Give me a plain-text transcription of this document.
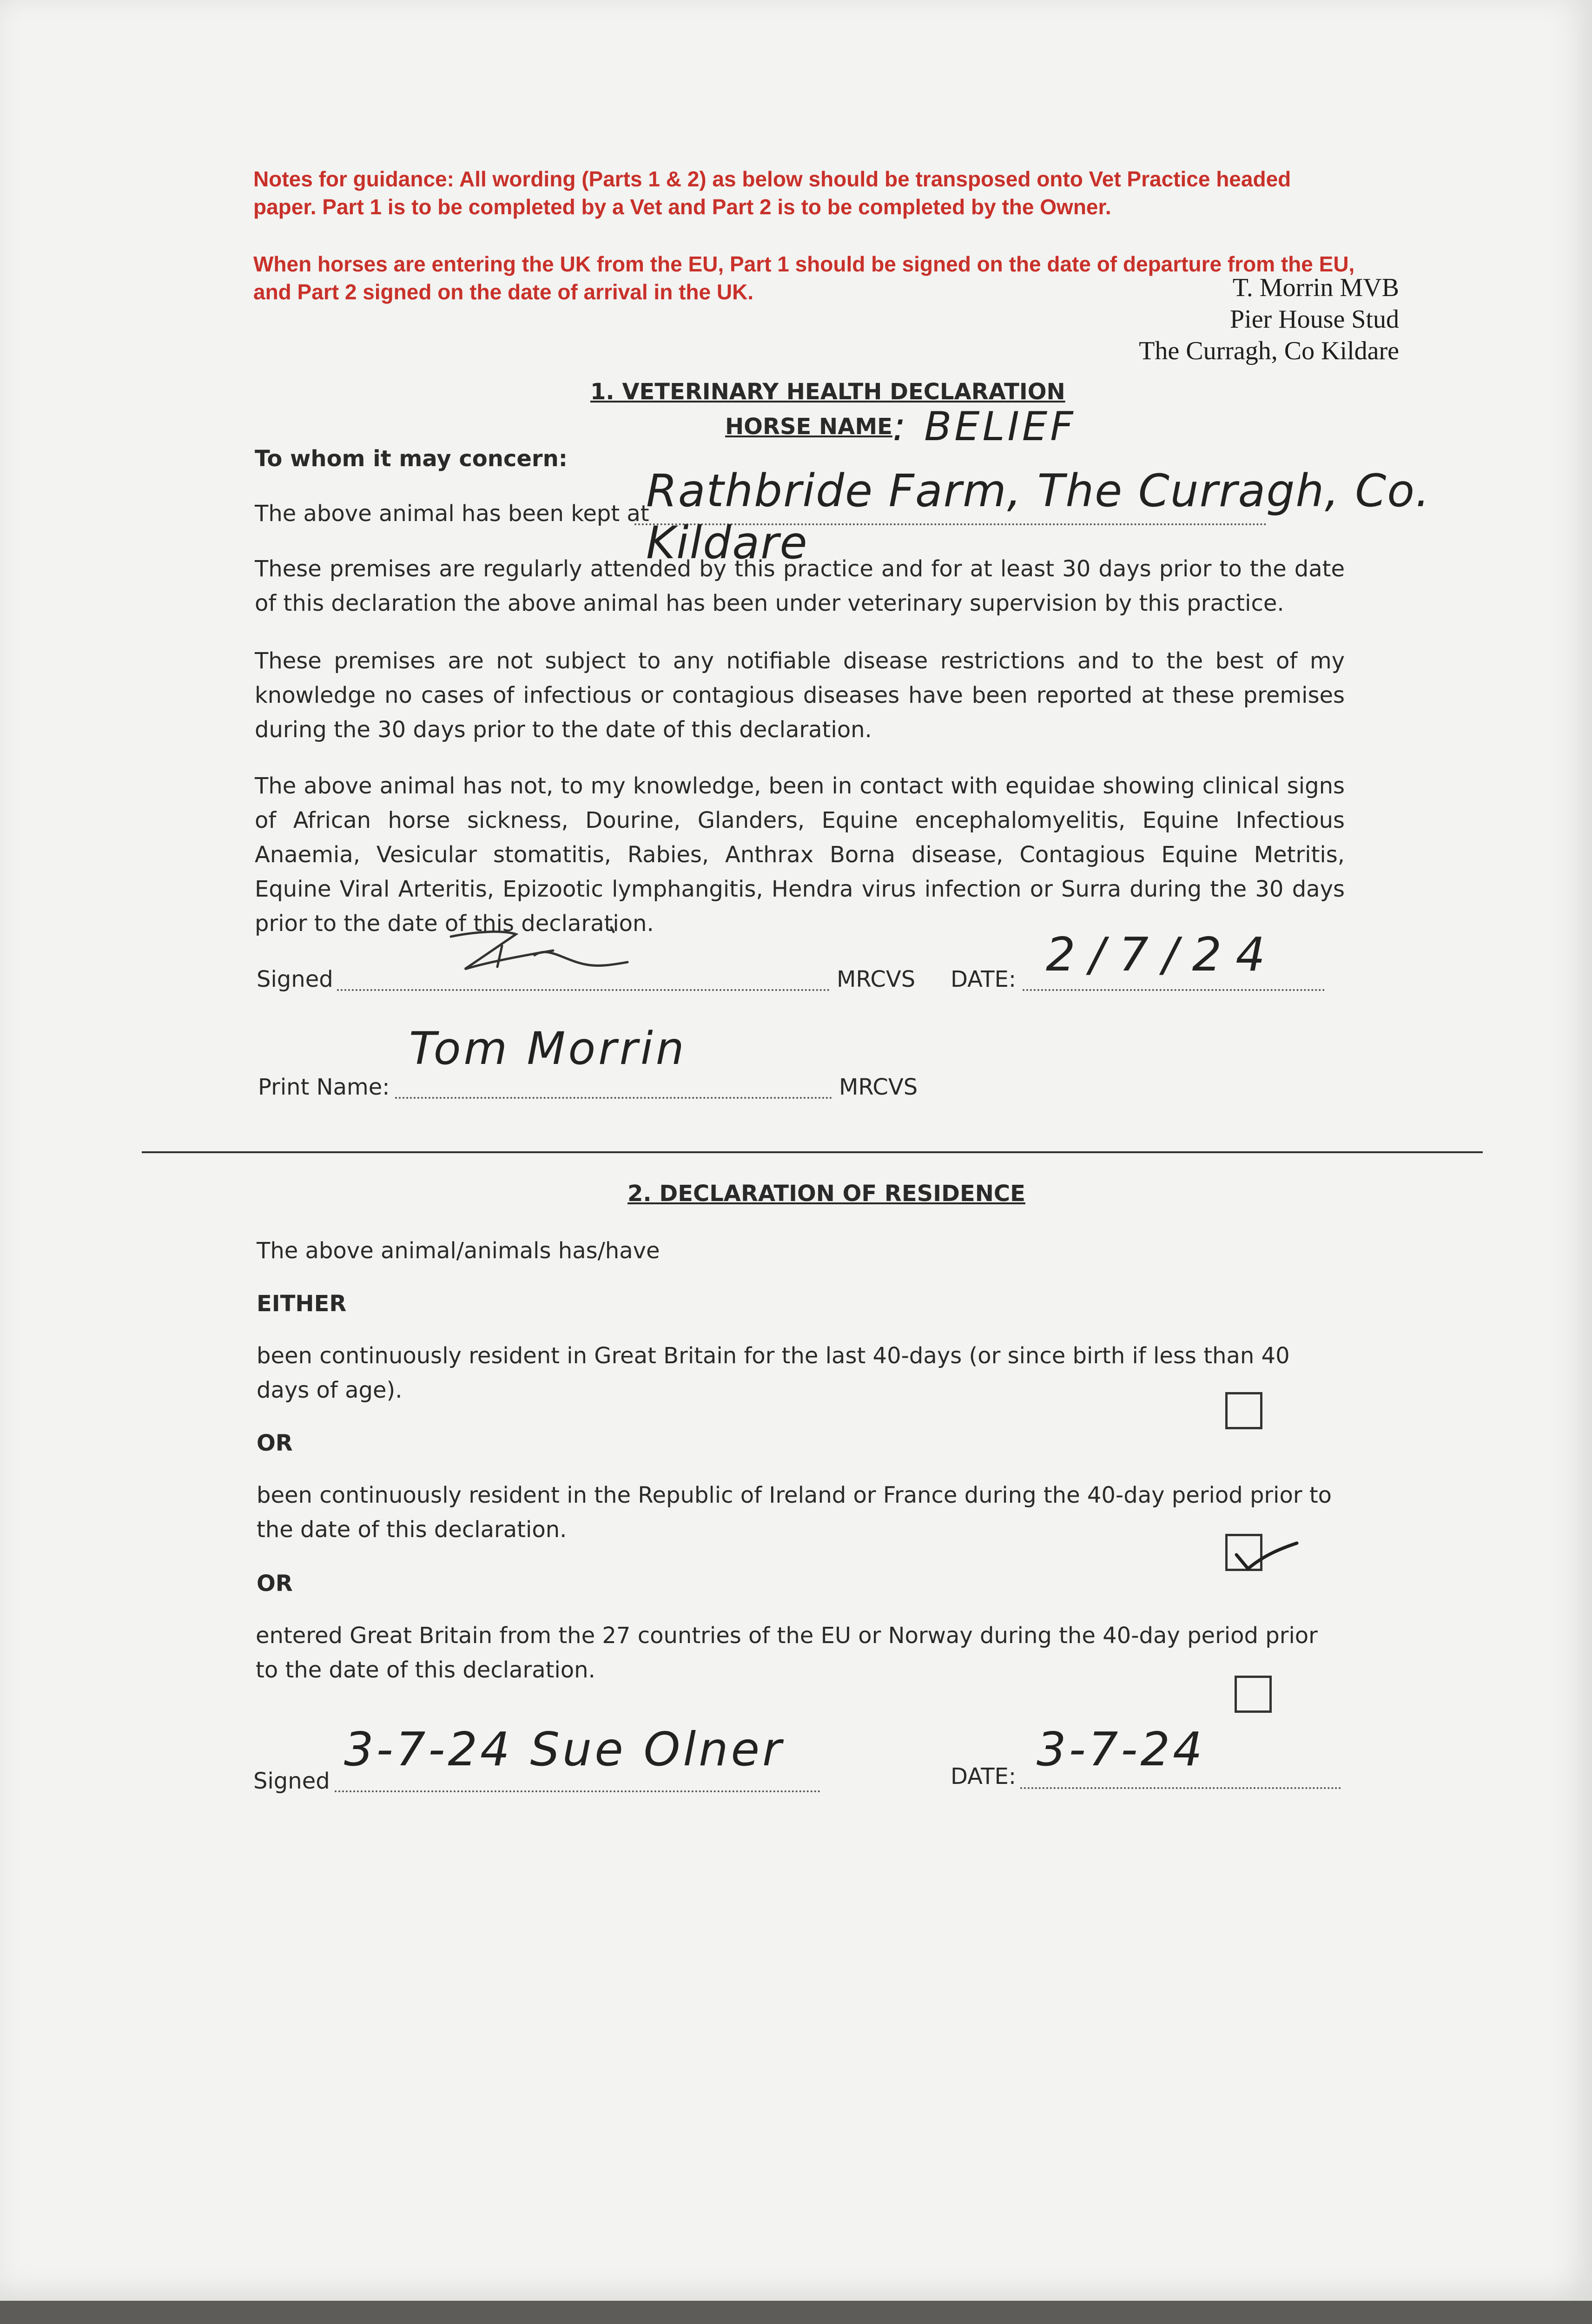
Notes for guidance: All wording (Parts 1 & 2) as below should be transposed onto Vet Practice headed paper. Part 1 is to be completed by a Vet and Part 2 is to be completed by the Owner.
When horses are entering the UK from the EU, Part 1 should be signed on the date of departure from the EU, and Part 2 signed on the date of arrival in the UK.	T. Morrin MVB
Pier House Stud
The Curragh, Co Kildare
1. VETERINARY HEALTH DECLARATION
HORSE NAME : BELIEF
To whom it may concern:
The above animal has been kept at
Rathbride Farm, The Curragh, Co. Kildare
These premises are regularly attended by this practice and for at least 30 days prior to the date of this declaration the above animal has been under veterinary supervision by this practice.
These premises are not subject to any notifiable disease restrictions and to the best of my knowledge no cases of infectious or contagious diseases have been reported at these premises during the 30 days prior to the date of this declaration.
The above animal has not, to my knowledge, been in contact with equidae showing clinical signs of African horse sickness, Dourine, Glanders, Equine encephalomyelitis, Equine Infectious Anaemia, Vesicular stomatitis, Rabies, Anthrax Borna disease, Contagious Equine Metritis, Equine Viral Arteritis, Epizootic lymphangitis, Hendra virus infection or Surra during the 30 days prior to the date of this declaration.
Signed	MRCVS DATE: 2/7/24
Print Name:
Tom Morrin
MRCVS
2. DECLARATION OF RESIDENCE
The above animal/animals has/have
EITHER
been continuously resident in Great Britain for the last 40-days (or since birth if less than 40 days of age).
OR
been continuously resident in the Republic of Ireland or France during the 40-day period prior to the date of this declaration.
OR
entered Great Britain from the 27 countries of the EU or Norway during the 40-day period prior to the date of this declaration.
Signed
3-7-24 Sue Olner	DATE: 3-7-24
